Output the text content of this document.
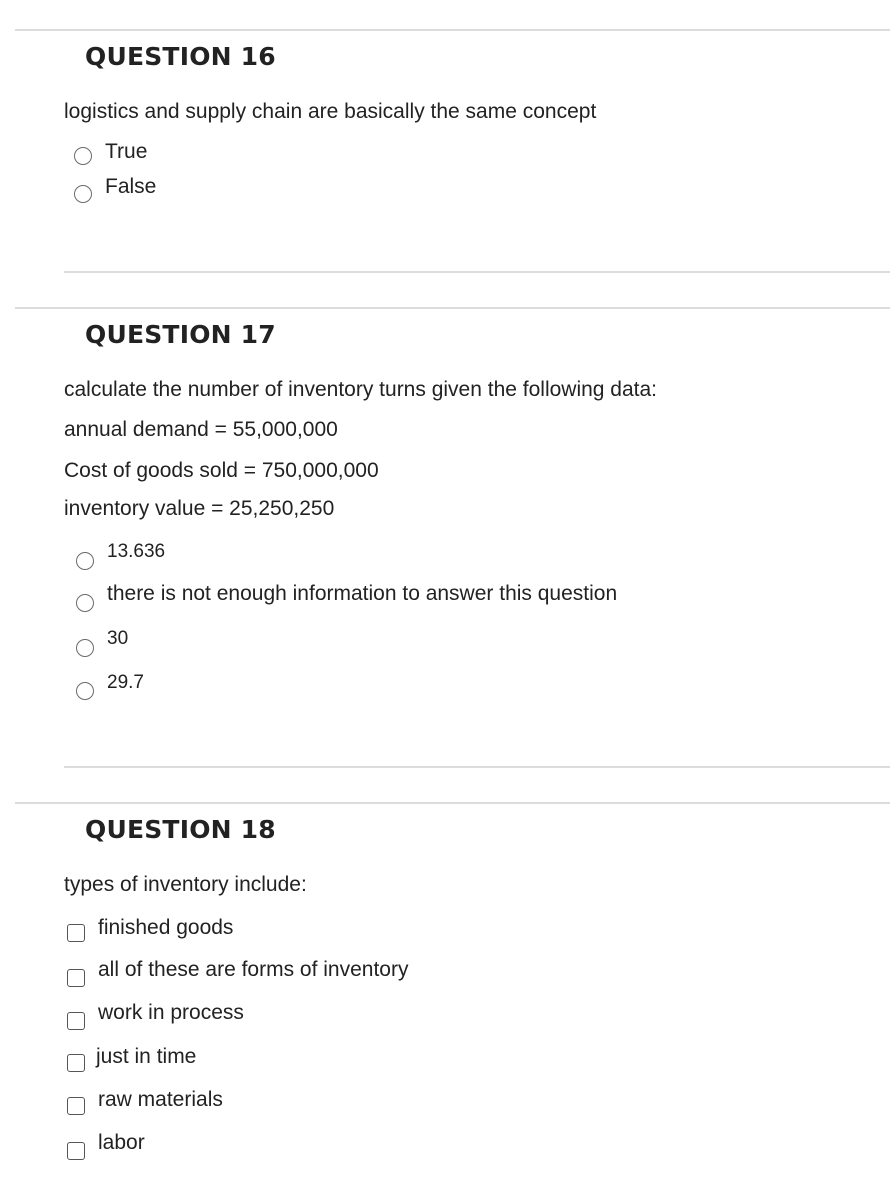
QUESTION 16
logistics and supply chain are basically the same concept
True
False
QUESTION 17
calculate the number of inventory turns given the following data:
annual demand = 55,000,000
Cost of goods sold = 750,000,000
inventory value = 25,250,250
13.636
there is not enough information to answer this question
30
29.7
QUESTION 18
types of inventory include:
finished goods
all of these are forms of inventory
work in process
just in time
raw materials
labor
